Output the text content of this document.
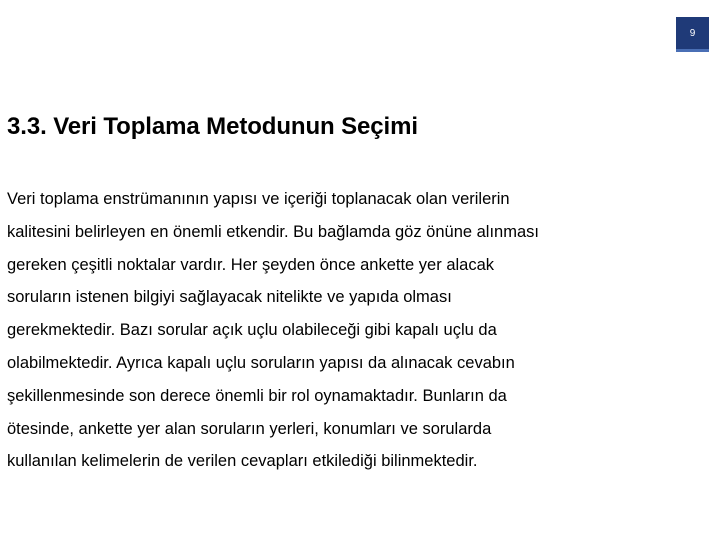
9
3.3. Veri Toplama Metodunun Seçimi
Veri toplama enstrümanının yapısı ve içeriği toplanacak olan verilerin
kalitesini belirleyen en önemli etkendir. Bu bağlamda göz önüne alınması
gereken çeşitli noktalar vardır. Her şeyden önce ankette yer alacak
soruların istenen bilgiyi sağlayacak nitelikte ve yapıda olması
gerekmektedir. Bazı sorular açık uçlu olabileceği gibi kapalı uçlu da
olabilmektedir. Ayrıca kapalı uçlu soruların yapısı da alınacak cevabın
şekillenmesinde son derece önemli bir rol oynamaktadır. Bunların da
ötesinde, ankette yer alan soruların yerleri, konumları ve sorularda
kullanılan kelimelerin de verilen cevapları etkilediği bilinmektedir.
